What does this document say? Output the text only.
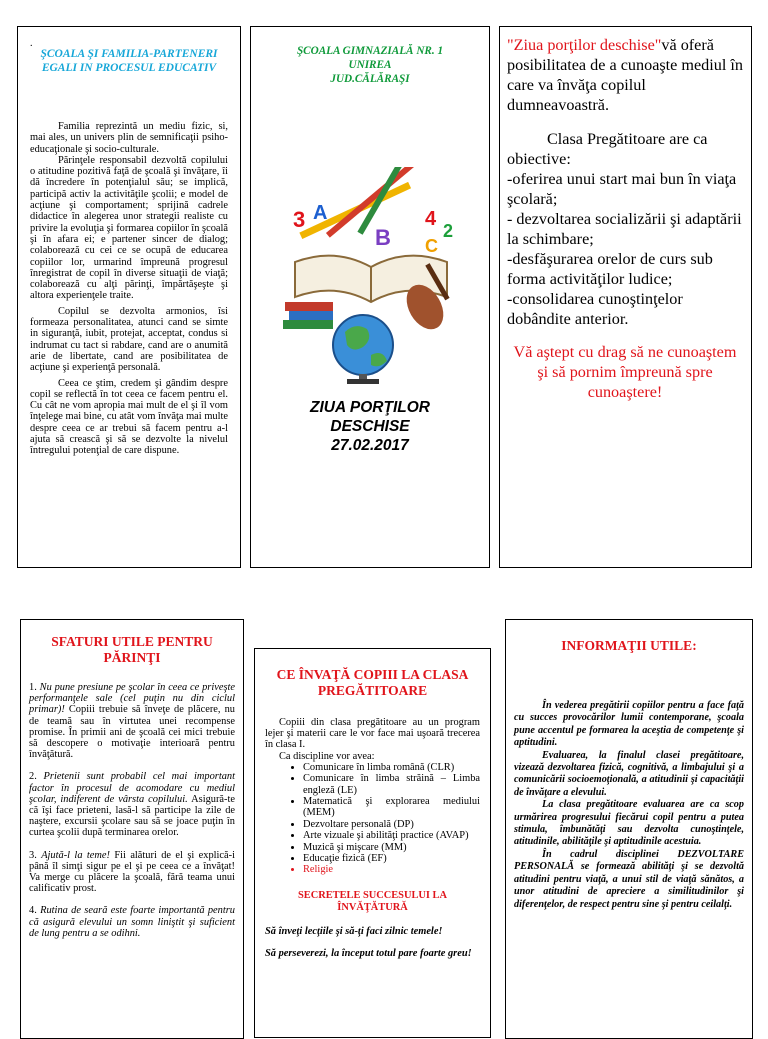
.
ŞCOALA ŞI FAMILIA-PARTENERI EGALI IN PROCESUL EDUCATIV

Familia reprezintă un mediu fizic, si, mai ales, un univers plin de semnificaţii psiho-educaţionale şi socio-culturale.

Părinţele responsabil dezvoltă copilului o atitudine pozitivă faţă de şcoală şi învăţare, îi dă încredere în potenţialul său; se implică, participă activ la activităţile şcolii; e model de acţiune şi comportament; sprijină cadrele didactice în alegerea unor strategii realiste cu privire la evoluţia şi formarea copiilor în şcoală şi în afara ei; e partener sincer de dialog; colaborează cu cei ce se ocupă de educarea copiilor lor, urmarind împreună progresul înregistrat de copil în diverse situaţii de viaţă; colaborează cu alţi părinţi, împărtăşeşte şi altora experienţele traite.

Copilul se dezvolta armonios, îsi formeaza personalitatea, atunci cand se simte in siguranţă, iubit, protejat, acceptat, condus si indrumat cu tact si rabdare, cand are o anumită arie de libertate, cand are posibilitatea de acţiune şi experienţă personală.

Ceea ce ştim, credem şi gândim despre copil se reflectă în tot ceea ce facem pentru el. Cu cât ne vom apropia mai mult de el şi îl vom înţelege mai bine, cu atât vom învăţa mai multe despre ceea ce ar trebui să facem pentru a-l ajuta să crească şi să se dezvolte la nivelul întregului potenţial de care dispune.

ŞCOALA GIMNAZIALĂ NR. 1
UNIREA
JUD.CĂLĂRAŞI
3 A	4
B C
2
ZIUA PORŢILOR
DESCHISE
27.02.2017

"Ziua porţilor deschise"vă oferă posibilitatea de a cunoaşte mediul în care va învăţa copilul dumneavoastră.

Clasa Pregătitoare are ca obiective:

-oferirea unui start mai bun în viaţa şcolară;

- dezvoltarea socializării şi adaptării la schimbare;

-desfăşurarea orelor de curs sub forma activităţilor ludice;

-consolidarea cunoştinţelor dobândite anterior.

Vă aştept cu drag să ne cunoaştem şi să pornim împreună spre cunoaştere!

SFATURI UTILE PENTRU PĂRINŢI

1. Nu pune presiune pe şcolar în ceea ce priveşte performanţele sale (cel puţin nu din ciclul primar)! Copiii trebuie să înveţe de plăcere, nu de teamă sau în virtutea unei recompense promise. În primii ani de şcoală cei mici trebuie să descopere o motivaţie interioară pentru învăţătură.

2. Prietenii sunt probabil cel mai important factor în procesul de acomodare cu mediul şcolar, indiferent de vârsta copilului. Asigură-te că îşi face prieteni, lasă-l să participe la zile de naştere, excursii şcolare sau să se joace puţin în curtea şcolii după terminarea orelor.

3. Ajută-l la teme! Fii alături de el şi explică-i până îl simţi sigur pe el şi pe ceea ce a învăţat! Va merge cu plăcere la şcoală, fără teama unui calificativ prost.

4. Rutina de seară este foarte importantă pentru că asigură elevului un somn liniştit şi suficient de lung pentru a se odihni.

CE ÎNVAŢĂ COPIII LA CLASA PREGĂTITOARE

Copiii din clasa pregătitoare au un program lejer şi materii care le vor face mai uşoară trecerea în clasa I.

Ca discipline vor avea:

• Comunicare în limba română (CLR)
• Comunicare în limba străină – Limba engleză (LE)
• Matematică şi explorarea mediului (MEM)
• Dezvoltare personală (DP)
• Arte vizuale şi abilităţi practice (AVAP)
• Muzică şi mişcare (MM)
• Educaţie fizică (EF)
• Religie
SECRETELE SUCCESULUI LA ÎNVĂŢĂTURĂ

Să înveţi lecţiile şi să-ţi faci zilnic temele!

Să perseverezi, la început totul pare foarte greu!

INFORMAŢII UTILE:

În vederea pregătirii copiilor pentru a face faţă cu succes provocărilor lumii contemporane, şcoala pune accentul pe formarea la aceştia de competenţe şi aptitudini.

Evaluarea, la finalul clasei pregătitoare, vizează dezvoltarea fizică, cognitivă, a limbajului şi a comunicării socioemoţională, a atitudinii şi capacităţii de învăţare a elevului.

La clasa pregătitoare evaluarea are ca scop urmărirea progresului fiecărui copil pentru a putea stimula, îmbunătăţi sau dezvolta cunoştinţele, atitudinile, abilităţile şi aptitudinile acestuia.

În cadrul disciplinei DEZVOLTARE PERSONALĂ se formează abilităţi şi se dezvoltă atitudini pentru viaţă, a unui stil de viaţă sănătos, a unor atitudini de apreciere a similitudinilor şi diferenţelor, de respect pentru sine şi pentru ceilalţi.
